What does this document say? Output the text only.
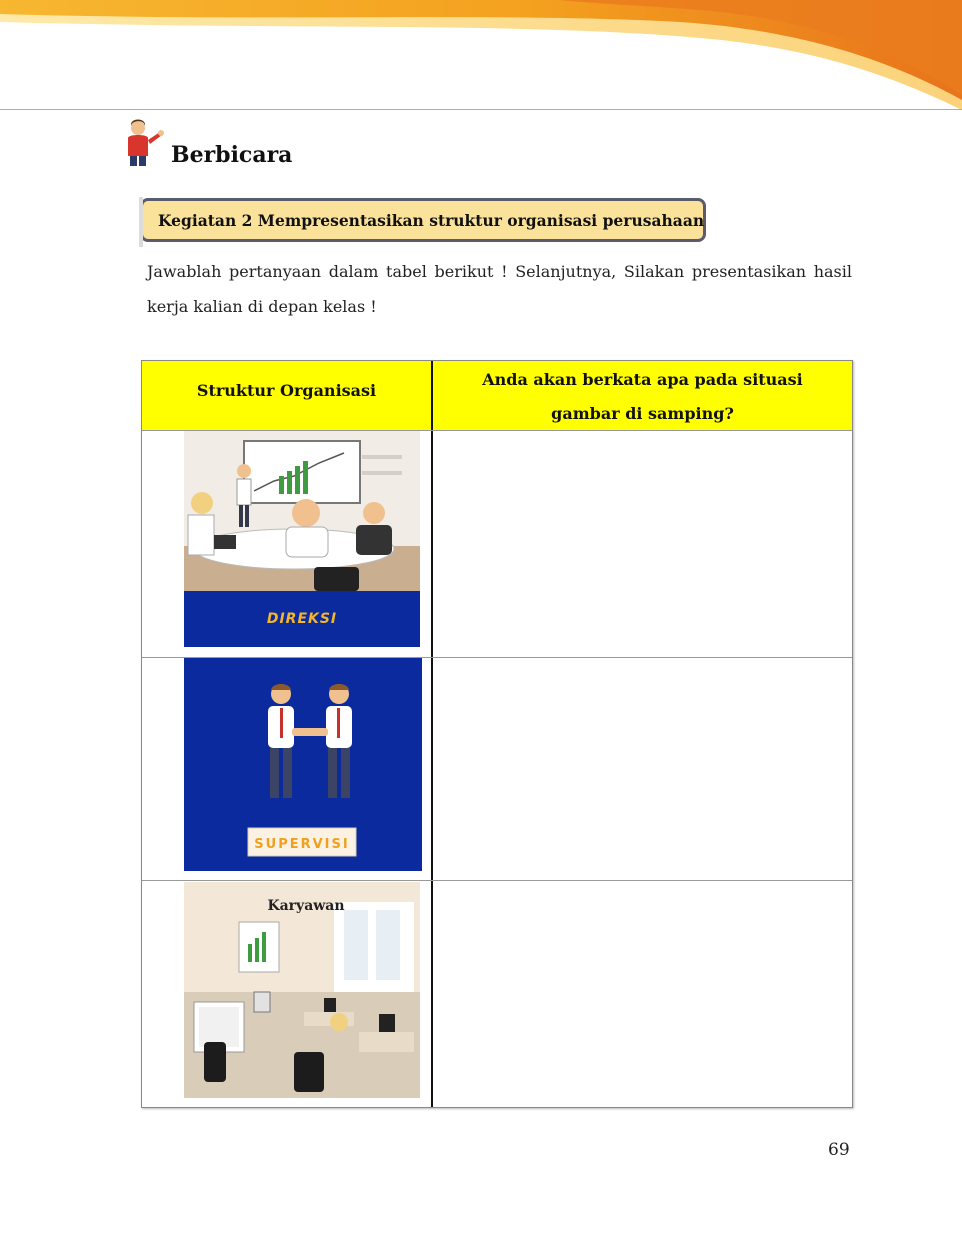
Berbicara
Kegiatan 2 Mempresentasikan struktur organisasi perusahaan
Jawablah pertanyaan dalam tabel berikut ! Selanjutnya, Silakan presentasikan hasil kerja kalian di depan kelas !
Struktur Organisasi
Anda akan berkata apa pada situasi
gambar di samping?
DIREKSI
SUPERVISI
Karyawan
69
